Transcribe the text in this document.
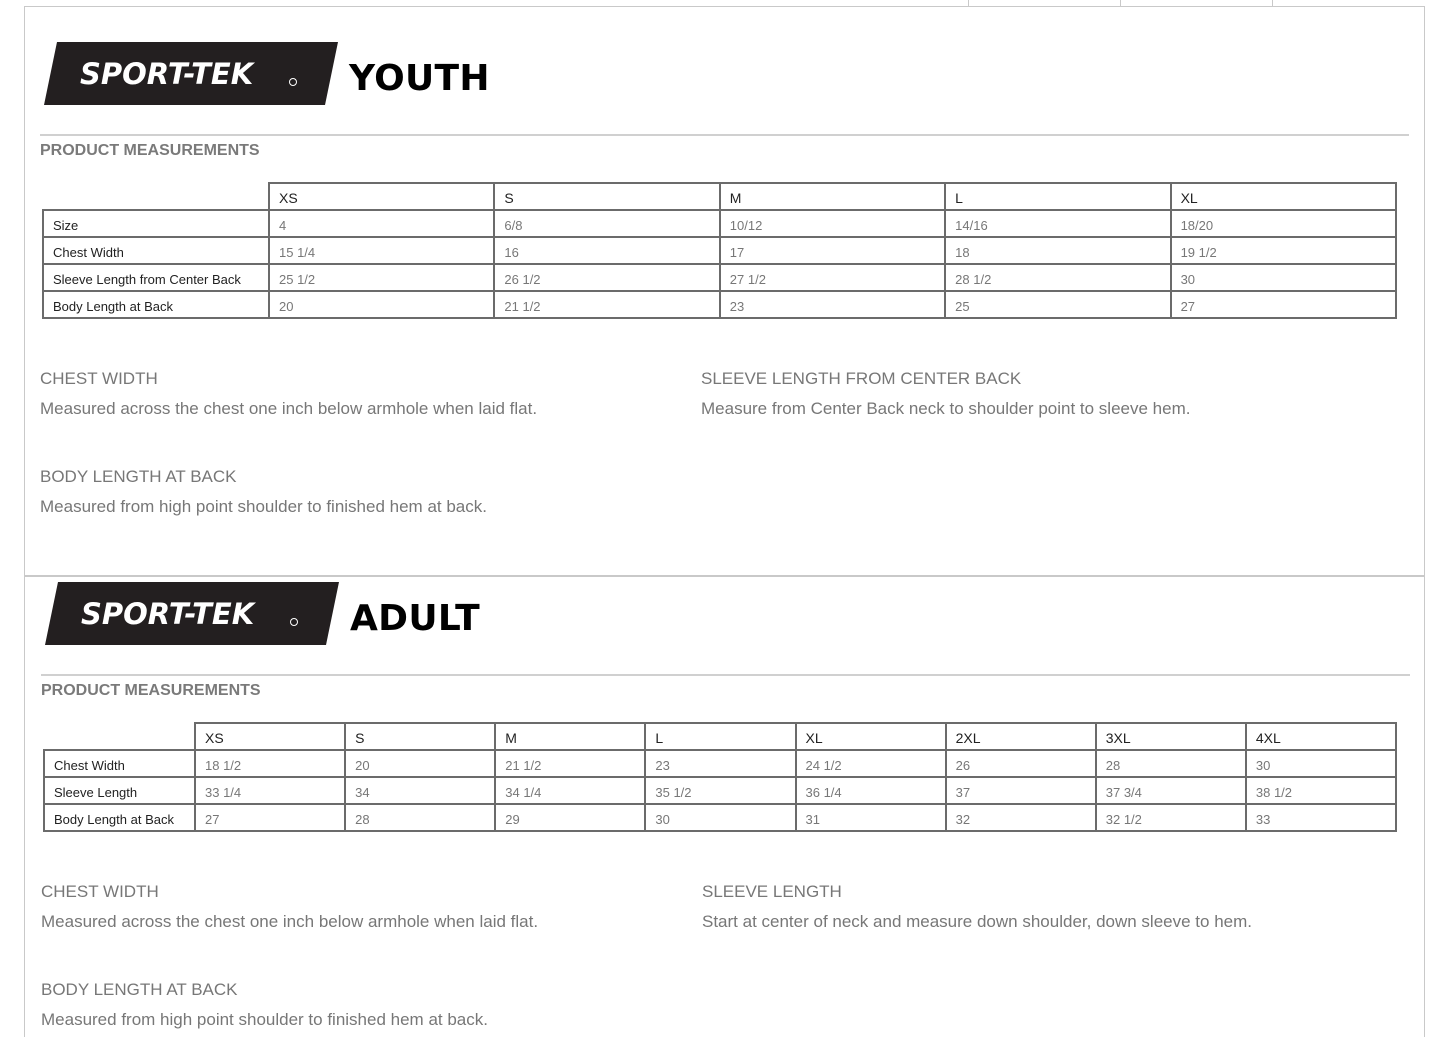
SPORT-TEK	YOUTH
PRODUCT MEASUREMENTS
	XS	S	M	L	XL
Size	4	6/8	10/12	14/16	18/20
Chest Width	15 1/4	16	17	18	19 1/2
Sleeve Length from Center Back	25 1/2	26 1/2	27 1/2	28 1/2	30
Body Length at Back	20	21 1/2	23	25	27
CHEST WIDTH
Measured across the chest one inch below armhole when laid flat.
SLEEVE LENGTH FROM CENTER BACK
Measure from Center Back neck to shoulder point to sleeve hem.
BODY LENGTH AT BACK
Measured from high point shoulder to finished hem at back.
SPORT-TEK	ADULT
PRODUCT MEASUREMENTS
	XS	S	M	L	XL	2XL	3XL	4XL
Chest Width	18 1/2	20	21 1/2	23	24 1/2	26	28	30
Sleeve Length	33 1/4	34	34 1/4	35 1/2	36 1/4	37	37 3/4	38 1/2
Body Length at Back	27	28	29	30	31	32	32 1/2	33
CHEST WIDTH
Measured across the chest one inch below armhole when laid flat.
SLEEVE LENGTH
Start at center of neck and measure down shoulder, down sleeve to hem.
BODY LENGTH AT BACK
Measured from high point shoulder to finished hem at back.
